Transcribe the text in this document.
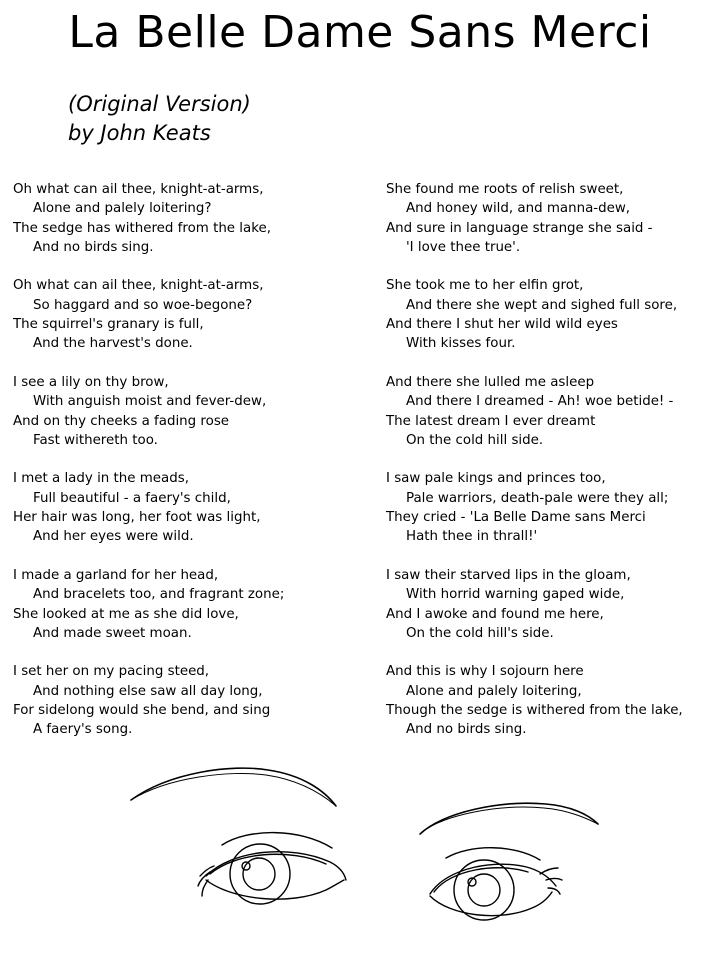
La Belle Dame Sans Merci
(Original Version)
by John Keats
Oh what can ail thee, knight-at-arms,
Alone and palely loitering?
The sedge has withered from the lake,
And no birds sing.
Oh what can ail thee, knight-at-arms,
So haggard and so woe-begone?
The squirrel's granary is full,
And the harvest's done.
I see a lily on thy brow,
With anguish moist and fever-dew,
And on thy cheeks a fading rose
Fast withereth too.
I met a lady in the meads,
Full beautiful - a faery's child,
Her hair was long, her foot was light,
And her eyes were wild.
I made a garland for her head,
And bracelets too, and fragrant zone;
She looked at me as she did love,
And made sweet moan.
I set her on my pacing steed,
And nothing else saw all day long,
For sidelong would she bend, and sing
A faery's song.
She found me roots of relish sweet,
And honey wild, and manna-dew,
And sure in language strange she said -
'I love thee true'.
She took me to her elfin grot,
And there she wept and sighed full sore,
And there I shut her wild wild eyes
With kisses four.
And there she lulled me asleep
And there I dreamed - Ah! woe betide! -
The latest dream I ever dreamt
On the cold hill side.
I saw pale kings and princes too,
Pale warriors, death-pale were they all;
They cried - 'La Belle Dame sans Merci
Hath thee in thrall!'
I saw their starved lips in the gloam,
With horrid warning gaped wide,
And I awoke and found me here,
On the cold hill's side.
And this is why I sojourn here
Alone and palely loitering,
Though the sedge is withered from the lake,
And no birds sing.
